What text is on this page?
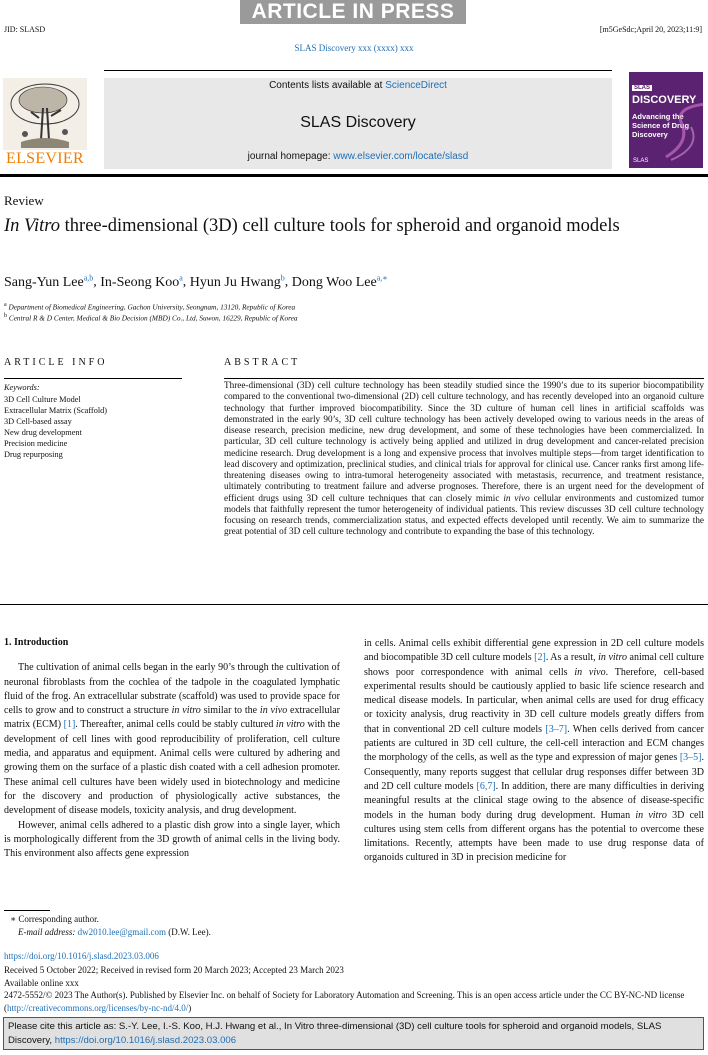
ARTICLE IN PRESS
JID: SLASD	[m5GeSdc;April 20, 2023;11:9]
SLAS Discovery xxx (xxxx) xxx
ELSEVIER
Contents lists available at ScienceDirect
SLAS Discovery
journal homepage: www.elsevier.com/locate/slasd
SLAS
DISCOVERY
Advancing the Science of Drug Discovery
SLAS
Review
In Vitro three-dimensional (3D) cell culture tools for spheroid and organoid models
Sang-Yun Lee$^{a,b}$, In-Seong Koo$^a$, Hyun Ju Hwang$^b$, Dong Woo Lee$^{a,∗}$
$^a$ Department of Biomedical Engineering, Gachon University, Seongnam, 13120, Republic of Korea
$^b$ Central R & D Center, Medical & Bio Decision (MBD) Co., Ltd, Suwon, 16229, Republic of Korea
ARTICLE INFO	ABSTRACT
Keywords:
3D Cell Culture Model
Extracellular Matrix (Scaffold)
3D Cell-based assay
New drug development
Precision medicine
Drug repurposing
Three-dimensional (3D) cell culture technology has been steadily studied since the 1990’s due to its superior biocompatibility compared to the conventional two-dimensional (2D) cell culture technology, and has recently developed into an organoid culture technology that further improved biocompatibility. Since the 3D culture of human cell lines in artificial scaffolds was demonstrated in the early 90’s, 3D cell culture technology has been actively developed owing to various needs in the areas of disease research, precision medicine, new drug development, and some of these technologies have been commercialized. In particular, 3D cell culture technology is actively being applied and utilized in drug development and cancer-related precision medicine research. Drug development is a long and expensive process that involves multiple steps—from target identification to lead discovery and optimization, preclinical studies, and clinical trials for approval for clinical use. Cancer ranks first among life-threatening diseases owing to intra-tumoral heterogeneity associated with metastasis, recurrence, and treatment resistance, ultimately contributing to treatment failure and adverse prognoses. Therefore, there is an urgent need for the development of efficient drugs using 3D cell culture techniques that can closely mimic in vivo cellular environments and customized tumor models that faithfully represent the tumor heterogeneity of individual patients. This review discusses 3D cell culture technology focusing on research trends, commercialization status, and expected effects developed until recently. We aim to summarize the great potential of 3D cell culture technology and contribute to expanding the base of this technology.
1. Introduction

The cultivation of animal cells began in the early 90’s through the cultivation of neuronal fibroblasts from the cochlea of the tadpole in the coagulated lymphatic fluid of the frog. An extracellular substrate (scaffold) was used to provide space for cells to grow and to construct a structure in vitro similar to the in vivo extracellular matrix (ECM) [1]. Thereafter, animal cells could be stably cultured in vitro with the development of cell lines with good reproducibility of proliferation, cell culture media, and apparatus and equipment. Animal cells were cultured by adhering and growing them on the surface of a plastic dish coated with a cell adhesion promoter. These animal cell cultures have been widely used in biotechnology and medicine for the discovery and production of physiologically active substances, the development of disease models, toxicity analysis, and drug development.

However, animal cells adhered to a plastic dish grow into a single layer, which is morphologically different from the 3D growth of animal cells in the living body. This environment also affects gene expression

in cells. Animal cells exhibit differential gene expression in 2D cell culture models and biocompatible 3D cell culture models [2]. As a result, in vitro animal cell culture shows poor correspondence with animal cells in vivo. Therefore, cell-based experimental results should be cautiously applied to basic life science research and medical disease models. In particular, when animal cells are used for drug efficacy or toxicity analysis, drug reactivity in 3D cell culture models greatly differs from that in conventional 2D cell culture models [3–7]. When cells derived from cancer patients are cultured in 3D cell culture, the cell-cell interaction and ECM changes the morphology of the cells, as well as the type and expression of major genes [3–5]. Consequently, many reports suggest that cellular drug responses differ between 3D and 2D cell culture models [6,7]. In addition, there are many difficulties in deriving meaningful results at the clinical stage owing to the absence of disease-specific models in the human body during drug development. Human in vitro 3D cell cultures using stem cells from different organs has the potential to overcome these limitations. Recently, attempts have been made to use drug response data of organoids cultured in 3D in precision medicine for

∗ Corresponding author.
E-mail address: dw2010.lee@gmail.com (D.W. Lee).
https://doi.org/10.1016/j.slasd.2023.03.006
Received 5 October 2022; Received in revised form 20 March 2023; Accepted 23 March 2023
Available online xxx
2472-5552/© 2023 The Author(s). Published by Elsevier Inc. on behalf of Society for Laboratory Automation and Screening. This is an open access article under the CC BY-NC-ND license (http://creativecommons.org/licenses/by-nc-nd/4.0/)
Please cite this article as: S.-Y. Lee, I.-S. Koo, H.J. Hwang et al., In Vitro three-dimensional (3D) cell culture tools for spheroid and organoid models, SLAS Discovery, https://doi.org/10.1016/j.slasd.2023.03.006
